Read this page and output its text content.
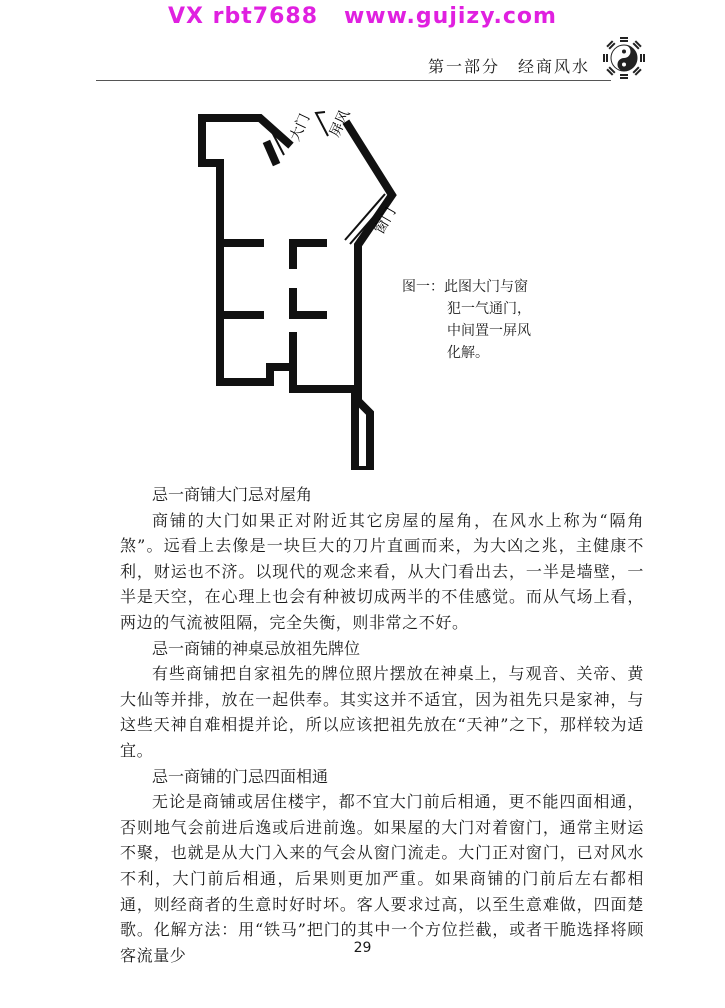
VX rbt7688   www.gujizy.com
第一部分　经商风水
大门 屏风
窗门
图一：此图大门与窗
犯一气通门，
中间置一屏风
化解。

忌一商铺大门忌对屋角

商铺的大门如果正对附近其它房屋的屋角，在风水上称为“隔角煞”。远看上去像是一块巨大的刀片直画而来，为大凶之兆，主健康不利，财运也不济。以现代的观念来看，从大门看出去，一半是墙壁，一半是天空，在心理上也会有种被切成两半的不佳感觉。而从气场上看，两边的气流被阻隔，完全失衡，则非常之不好。

忌一商铺的神桌忌放祖先牌位

有些商铺把自家祖先的牌位照片摆放在神桌上，与观音、关帝、黄大仙等并排，放在一起供奉。其实这并不适宜，因为祖先只是家神，与这些天神自难相提并论，所以应该把祖先放在“天神”之下，那样较为适宜。

忌一商铺的门忌四面相通

无论是商铺或居住楼宇，都不宜大门前后相通，更不能四面相通，否则地气会前进后逸或后进前逸。如果屋的大门对着窗门，通常主财运不聚，也就是从大门入来的气会从窗门流走。大门正对窗门，已对风水不利，大门前后相通，后果则更加严重。如果商铺的门前后左右都相通，则经商者的生意时好时坏。客人要求过高，以至生意难做，四面楚歌。化解方法：用“铁马”把门的其中一个方位拦截，或者干脆选择将顾客流量少	29
